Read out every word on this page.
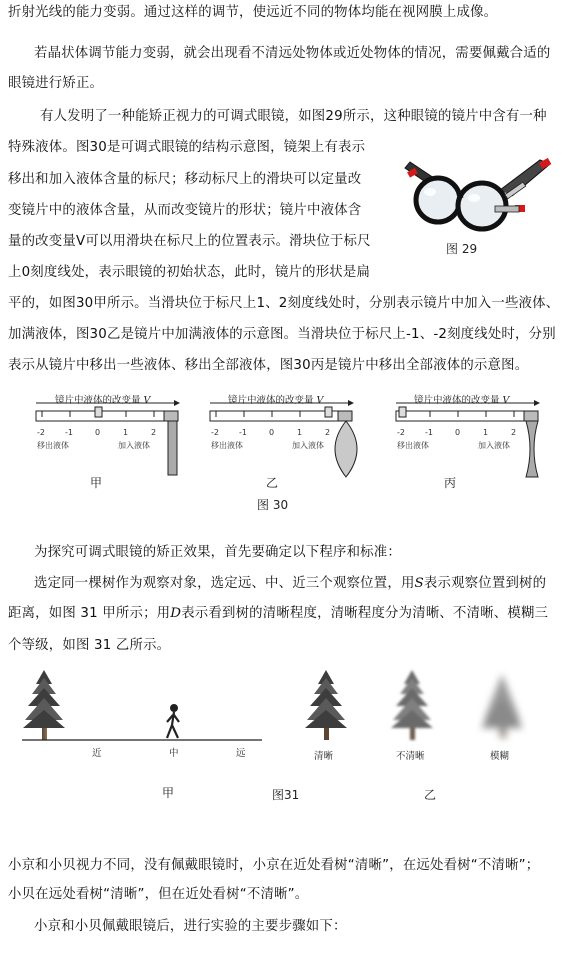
折射光线的能力变弱。通过这样的调节，使远近不同的物体均能在视网膜上成像。
若晶状体调节能力变弱，就会出现看不清远处物体或近处物体的情况，需要佩戴合适的
眼镜进行矫正。
有人发明了一种能矫正视力的可调式眼镜，如图29所示，这种眼镜的镜片中含有一种
特殊液体。图30是可调式眼镜的结构示意图，镜架上有表示
移出和加入液体含量的标尺；移动标尺上的滑块可以定量改
变镜片中的液体含量，从而改变镜片的形状；镜片中液体含
量的改变量V可以用滑块在标尺上的位置表示。滑块位于标尺
上0刻度线处，表示眼镜的初始状态，此时，镜片的形状是扁
平的，如图30甲所示。当滑块位于标尺上1、2刻度线处时，分别表示镜片中加入一些液体、
加满液体，图30乙是镜片中加满液体的示意图。当滑块位于标尺上-1、-2刻度线处时，分别
表示从镜片中移出一些液体、移出全部液体，图30丙是镜片中移出全部液体的示意图。
图 29
镜片中液体的改变量 V
-2	-1	0	1	2
移出液体	加入液体
甲
镜片中液体的改变量 V
-2	-1	0	1	2
移出液体	加入液体
乙
镜片中液体的改变量 V
-2	-1	0	1	2
移出液体	加入液体
丙
图 30
为探究可调式眼镜的矫正效果，首先要确定以下程序和标准：
选定同一棵树作为观察对象，选定远、中、近三个观察位置，用S表示观察位置到树的
距离，如图 31 甲所示；用D表示看到树的清晰程度，清晰程度分为清晰、不清晰、模糊三
个等级，如图 31 乙所示。
近	中	远
甲
清晰	不清晰	模糊
图31	乙
小京和小贝视力不同，没有佩戴眼镜时，小京在近处看树“清晰”，在远处看树“不清晰”；
小贝在远处看树“清晰”，但在近处看树“不清晰”。
小京和小贝佩戴眼镜后，进行实验的主要步骤如下：
